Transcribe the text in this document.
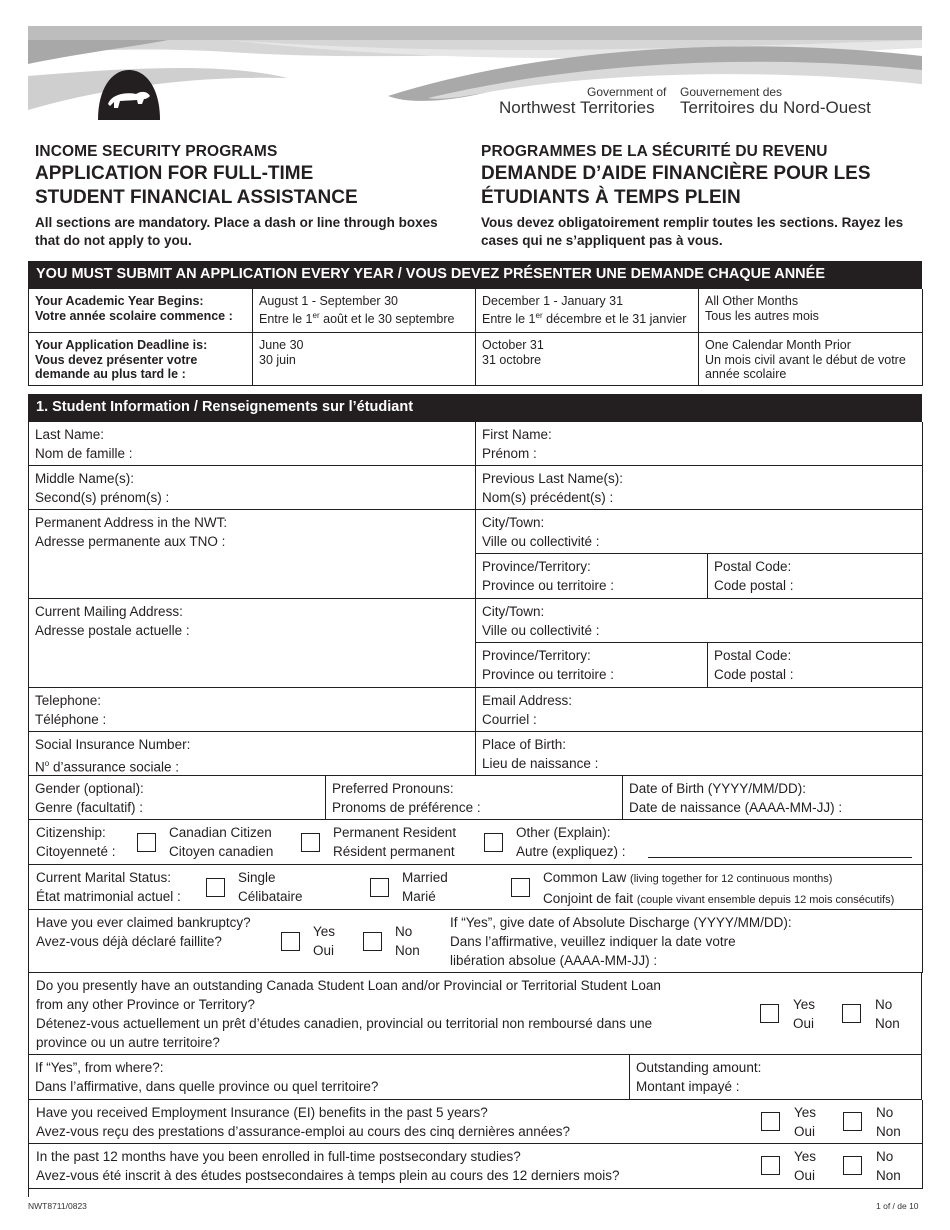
Government of
Northwest Territories
Gouvernement des
Territoires du Nord-Ouest
INCOME SECURITY PROGRAMS
APPLICATION FOR FULL-TIME
STUDENT FINANCIAL ASSISTANCE
All sections are mandatory. Place a dash or line through boxes that do not apply to you.
PROGRAMMES DE LA SÉCURITÉ DU REVENU
DEMANDE D’AIDE FINANCIÈRE POUR LES
ÉTUDIANTS À TEMPS PLEIN
Vous devez obligatoirement remplir toutes les sections. Rayez les cases qui ne s’appliquent pas à vous.
YOU MUST SUBMIT AN APPLICATION EVERY YEAR / VOUS DEVEZ PRÉSENTER UNE DEMANDE CHAQUE ANNÉE
Your Academic Year Begins:
Votre année scolaire commence :
August 1 - September 30
Entre le 1er août et le 30 septembre
December 1 - January 31
Entre le 1er décembre et le 31 janvier
All Other Months
Tous les autres mois
Your Application Deadline is:
Vous devez présenter votre
demande au plus tard le :
June 30
30 juin
October 31
31 octobre
One Calendar Month Prior
Un mois civil avant le début de votre
année scolaire
1. Student Information / Renseignements sur l’étudiant
Last Name:
Nom de famille :
First Name:
Prénom :
Middle Name(s):
Second(s) prénom(s) :
Previous Last Name(s):
Nom(s) précédent(s) :
Permanent Address in the NWT:
Adresse permanente aux TNO :
City/Town:
Ville ou collectivité :
Province/Territory:
Province ou territoire :
Postal Code:
Code postal :
Current Mailing Address:
Adresse postale actuelle :
City/Town:
Ville ou collectivité :
Province/Territory:
Province ou territoire :
Postal Code:
Code postal :
Telephone:
Téléphone :
Email Address:
Courriel :
Social Insurance Number:
$N^o$ d’assurance sociale :
Place of Birth:
Lieu de naissance :
Gender (optional):
Genre (facultatif) :
Preferred Pronouns:
Pronoms de préférence :
Date of Birth (YYYY/MM/DD):
Date de naissance (AAAA-MM-JJ) :
Citizenship:
Citoyenneté :
Canadian Citizen
Citoyen canadien
Permanent Resident
Résident permanent
Other (Explain):
Autre (expliquez) :
Current Marital Status:
État matrimonial actuel :
Single
Célibataire
Married
Marié
Common Law (living together for 12 continuous months)
Conjoint de fait (couple vivant ensemble depuis 12 mois consécutifs)
Have you ever claimed bankruptcy?
Avez-vous déjà déclaré faillite?
Yes
Oui
No
Non
If “Yes”, give date of Absolute Discharge (YYYY/MM/DD):
Dans l’affirmative, veuillez indiquer la date votre
libération absolue (AAAA-MM-JJ) :
Do you presently have an outstanding Canada Student Loan and/or Provincial or Territorial Student Loan
from any other Province or Territory?
Détenez-vous actuellement un prêt d’études canadien, provincial ou territorial non remboursé dans une
province ou un autre territoire?
Yes
Oui
No
Non
If “Yes”, from where?:
Dans l’affirmative, dans quelle province ou quel territoire?
Outstanding amount:
Montant impayé :
Have you received Employment Insurance (EI) benefits in the past 5 years?
Avez-vous reçu des prestations d’assurance-emploi au cours des cinq dernières années?
Yes
Oui
No
Non
In the past 12 months have you been enrolled in full-time postsecondary studies?
Avez-vous été inscrit à des études postsecondaires à temps plein au cours des 12 derniers mois?
Yes
Oui
No
Non
NWT8711/0823	1 of / de 10
